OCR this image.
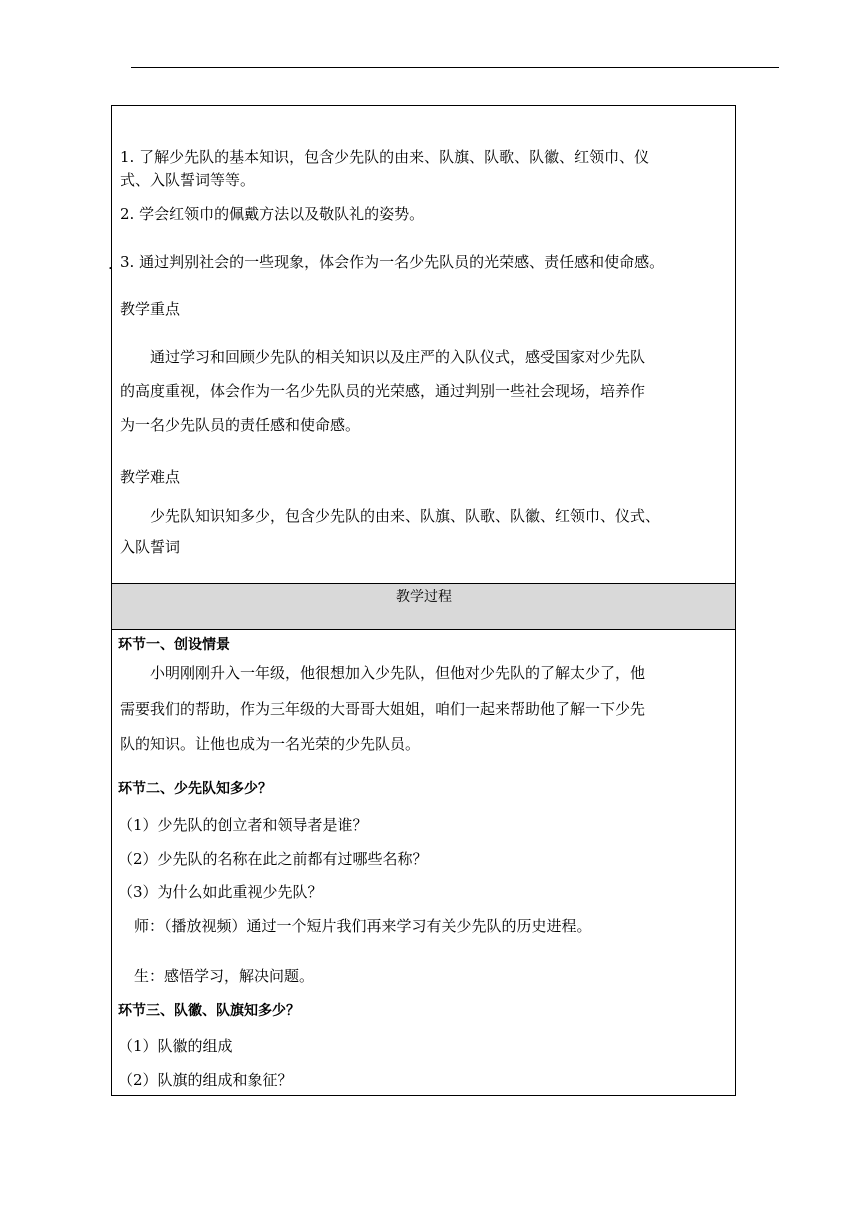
1. 了解少先队的基本知识，包含少先队的由来、队旗、队歌、队徽、红领巾、仪
式、入队誓词等等。
2. 学会红领巾的佩戴方法以及敬队礼的姿势。
. 3. 通过判别社会的一些现象，体会作为一名少先队员的光荣感、责任感和使命感。
教学重点
通过学习和回顾少先队的相关知识以及庄严的入队仪式，感受国家对少先队
的高度重视，体会作为一名少先队员的光荣感，通过判别一些社会现场，培养作
为一名少先队员的责任感和使命感。
教学难点
少先队知识知多少，包含少先队的由来、队旗、队歌、队徽、红领巾、仪式、
入队誓词
教学过程
环节一、创设情景
小明刚刚升入一年级，他很想加入少先队，但他对少先队的了解太少了，他
需要我们的帮助，作为三年级的大哥哥大姐姐，咱们一起来帮助他了解一下少先
队的知识。让他也成为一名光荣的少先队员。
环节二、少先队知多少？
（1）少先队的创立者和领导者是谁？
（2）少先队的名称在此之前都有过哪些名称？
（3）为什么如此重视少先队？
师：（播放视频）通过一个短片我们再来学习有关少先队的历史进程。
生：感悟学习，解决问题。
环节三、队徽、队旗知多少？
（1）队徽的组成
（2）队旗的组成和象征？
